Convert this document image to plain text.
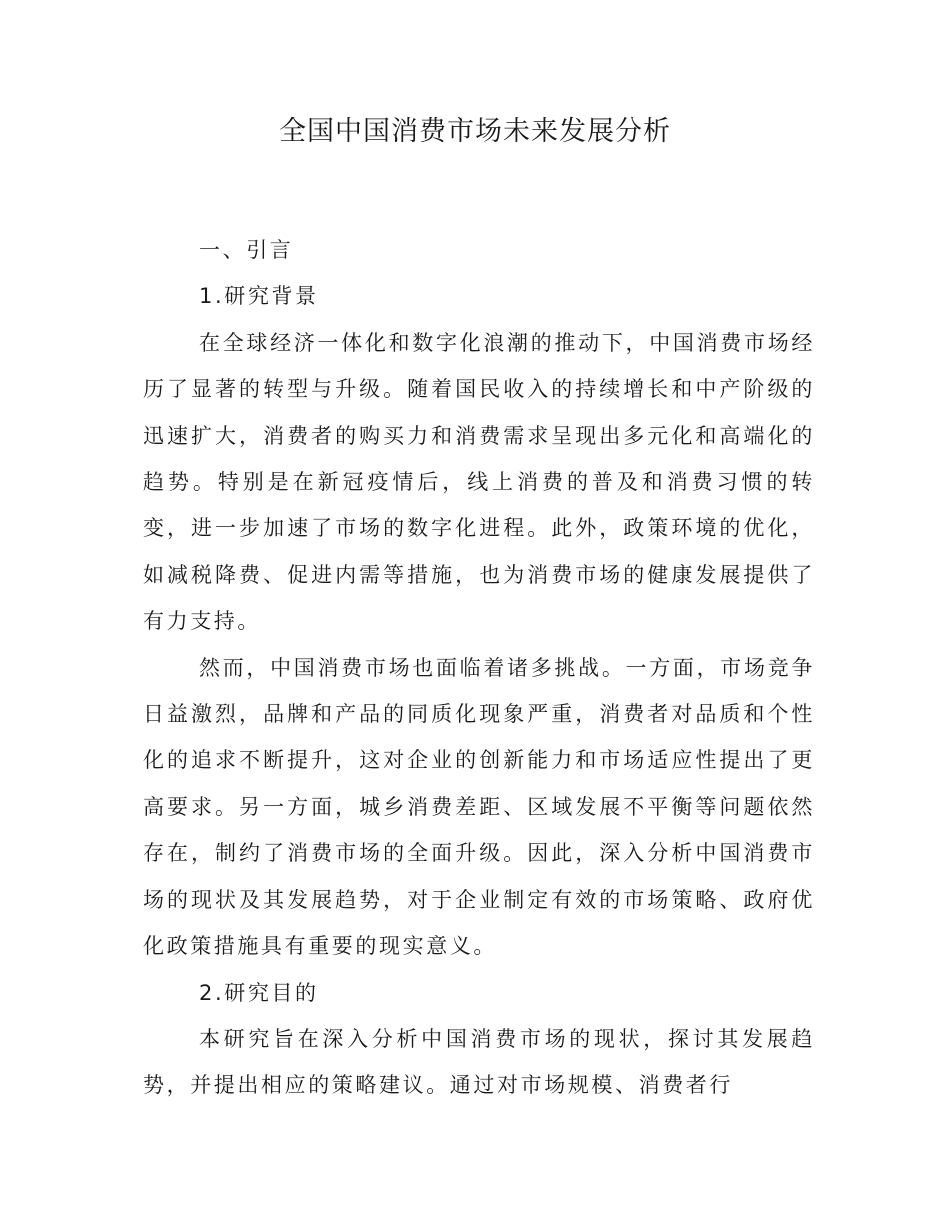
全国中国消费市场未来发展分析
一、引言
1.研究背景

在全球经济一体化和数字化浪潮的推动下，中国消费市场经历了显著的转型与升级。随着国民收入的持续增长和中产阶级的迅速扩大，消费者的购买力和消费需求呈现出多元化和高端化的趋势。特别是在新冠疫情后，线上消费的普及和消费习惯的转变，进一步加速了市场的数字化进程。此外，政策环境的优化，如减税降费、促进内需等措施，也为消费市场的健康发展提供了有力支持。

然而，中国消费市场也面临着诸多挑战。一方面，市场竞争日益激烈，品牌和产品的同质化现象严重，消费者对品质和个性化的追求不断提升，这对企业的创新能力和市场适应性提出了更高要求。另一方面，城乡消费差距、区域发展不平衡等问题依然存在，制约了消费市场的全面升级。因此，深入分析中国消费市场的现状及其发展趋势，对于企业制定有效的市场策略、政府优化政策措施具有重要的现实意义。

2.研究目的

本研究旨在深入分析中国消费市场的现状，探讨其发展趋势，并提出相应的策略建议。通过对市场规模、消费者行
